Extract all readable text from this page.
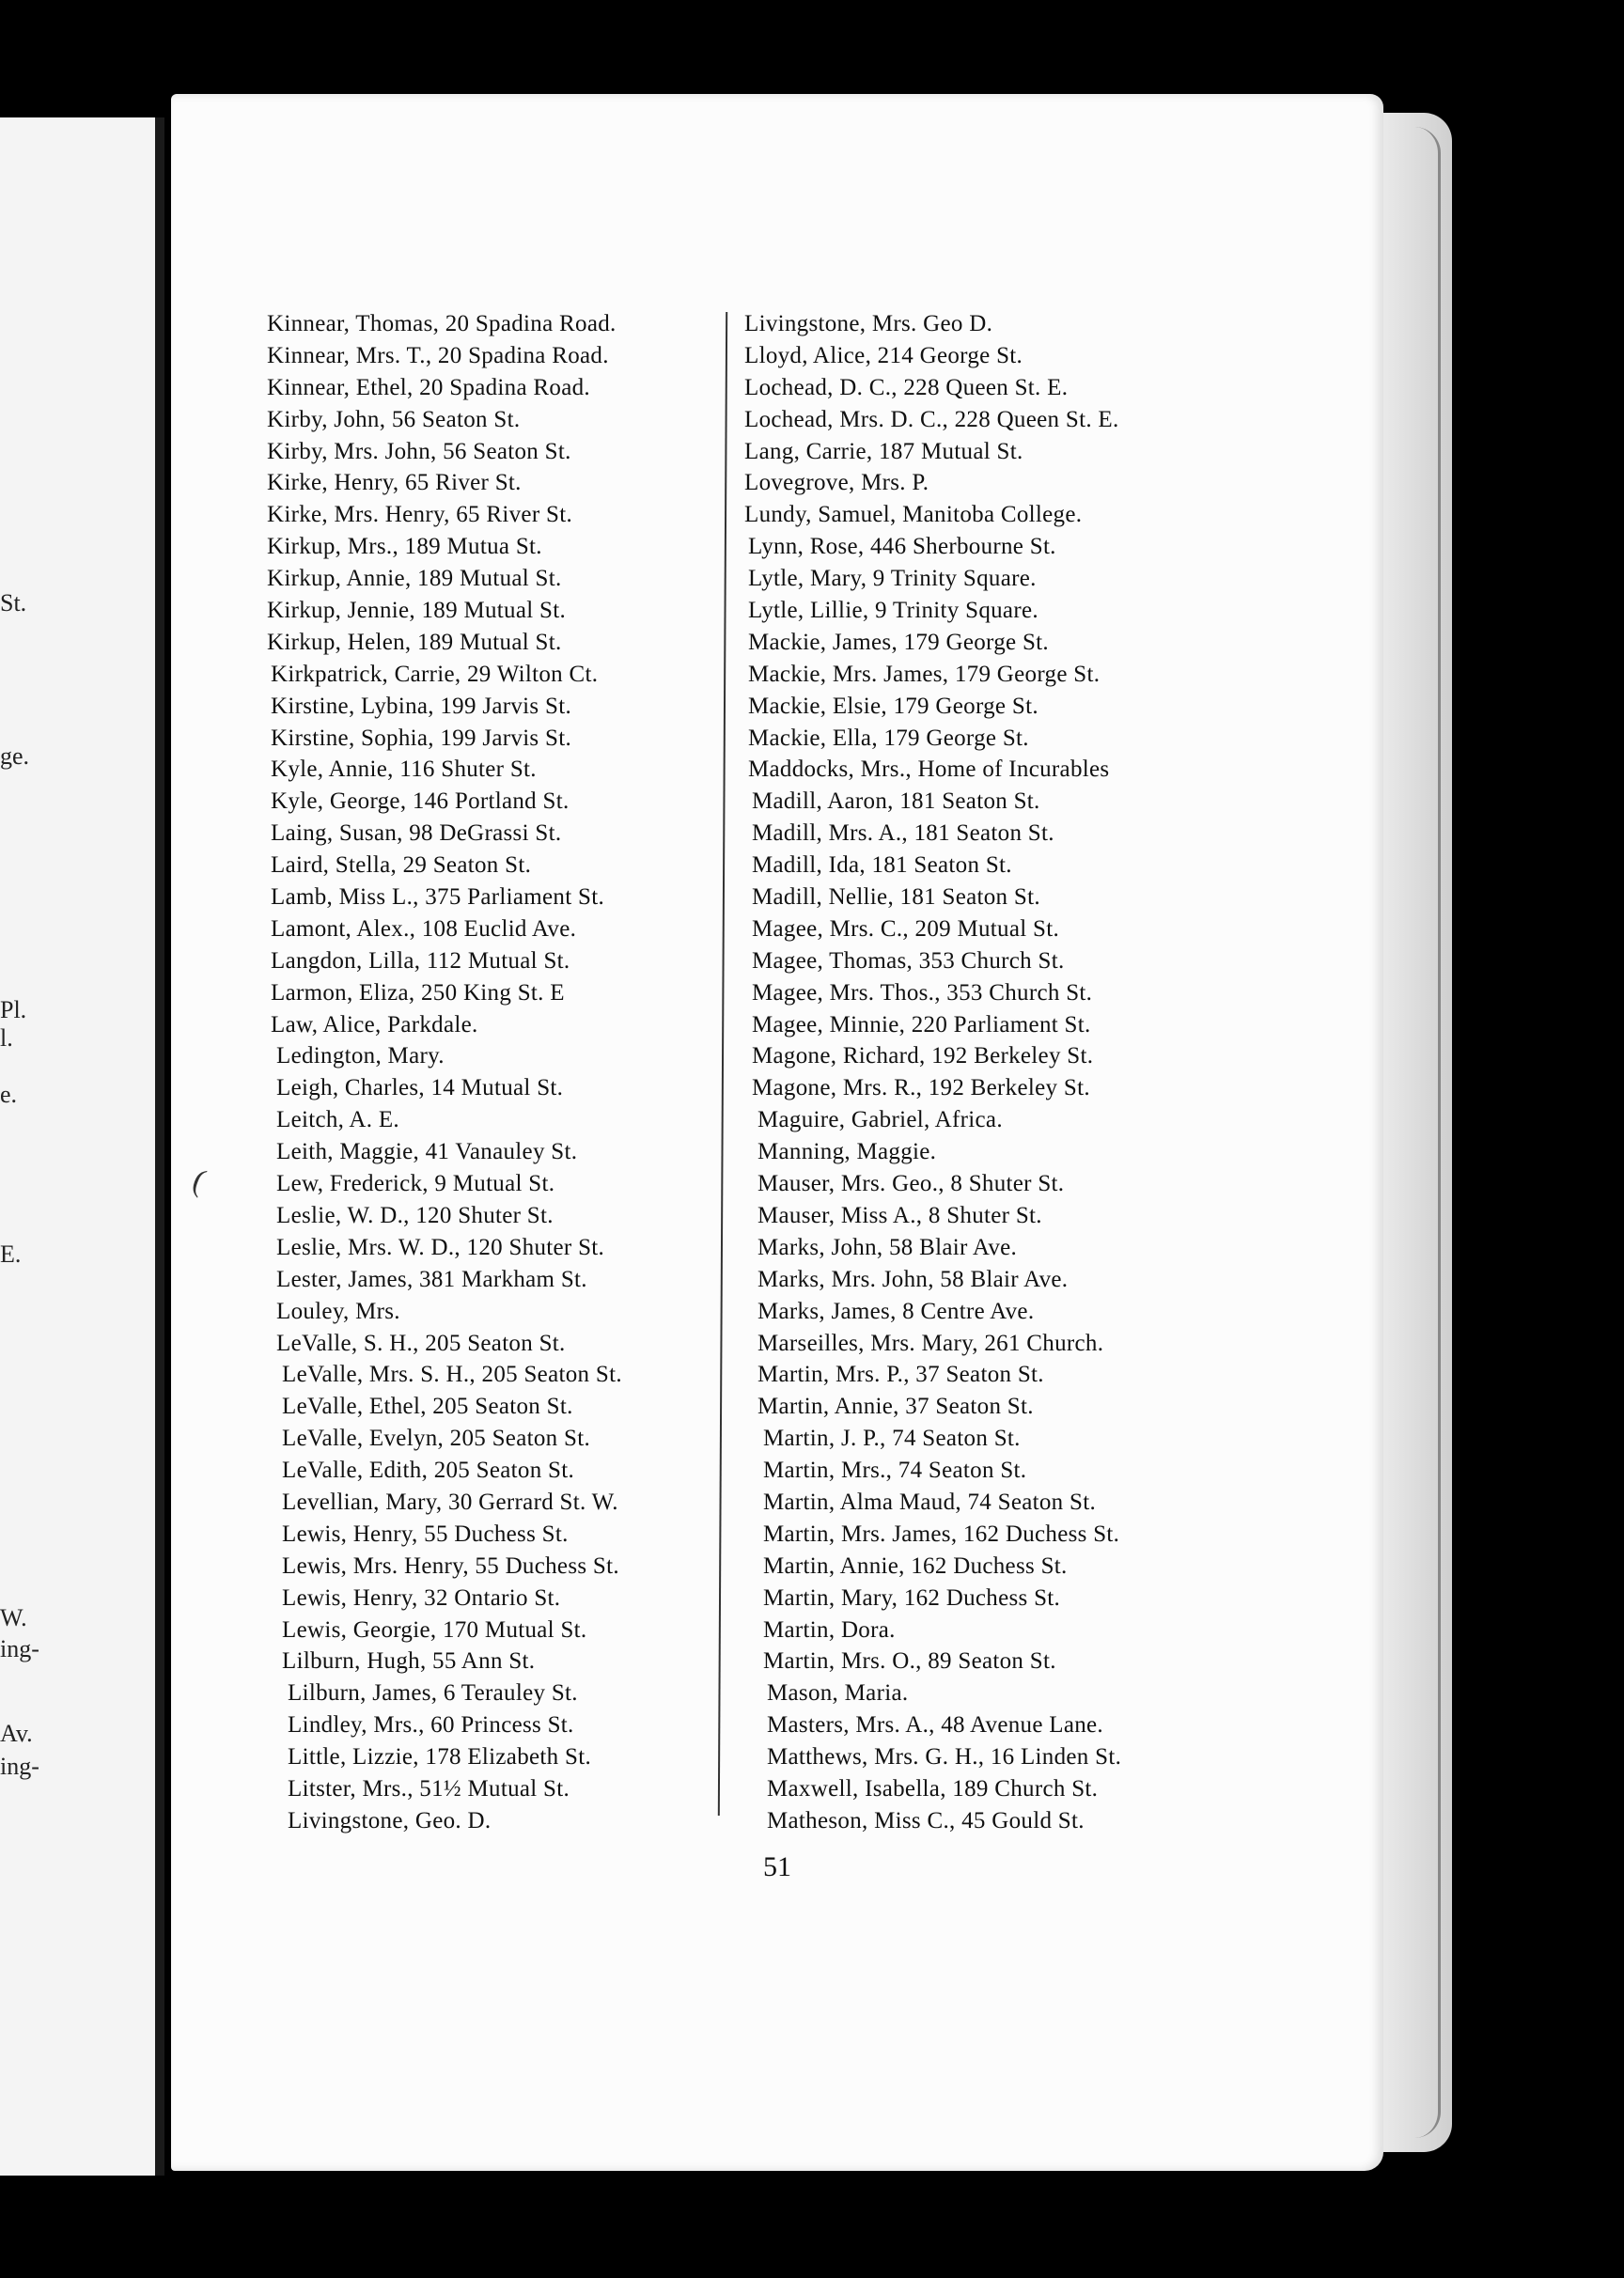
St.
ge.
Pl.
l.
e.
E.
W.
ing-
Av.
ing-
Kinnear, Thomas, 20 Spadina Road.
Kinnear, Mrs. T., 20 Spadina Road.
Kinnear, Ethel, 20 Spadina Road.
Kirby, John, 56 Seaton St.
Kirby, Mrs. John, 56 Seaton St.
Kirke, Henry, 65 River St.
Kirke, Mrs. Henry, 65 River St.
Kirkup, Mrs., 189 Mutua St.
Kirkup, Annie, 189 Mutual St.
Kirkup, Jennie, 189 Mutual St.
Kirkup, Helen, 189 Mutual St.
Kirkpatrick, Carrie, 29 Wilton Ct.
Kirstine, Lybina, 199 Jarvis St.
Kirstine, Sophia, 199 Jarvis St.
Kyle, Annie, 116 Shuter St.
Kyle, George, 146 Portland St.
Laing, Susan, 98 DeGrassi St.
Laird, Stella, 29 Seaton St.
Lamb, Miss L., 375 Parliament St.
Lamont, Alex., 108 Euclid Ave.
Langdon, Lilla, 112 Mutual St.
Larmon, Eliza, 250 King St. E
Law, Alice, Parkdale.
Ledington, Mary.
Leigh, Charles, 14 Mutual St.
Leitch, A. E.
Leith, Maggie, 41 Vanauley St.
Lew, Frederick, 9 Mutual St.
Leslie, W. D., 120 Shuter St.
Leslie, Mrs. W. D., 120 Shuter St.
Lester, James, 381 Markham St.
Louley, Mrs.
LeValle, S. H., 205 Seaton St.
LeValle, Mrs. S. H., 205 Seaton St.
LeValle, Ethel, 205 Seaton St.
LeValle, Evelyn, 205 Seaton St.
LeValle, Edith, 205 Seaton St.
Levellian, Mary, 30 Gerrard St. W.
Lewis, Henry, 55 Duchess St.
Lewis, Mrs. Henry, 55 Duchess St.
Lewis, Henry, 32 Ontario St.
Lewis, Georgie, 170 Mutual St.
Lilburn, Hugh, 55 Ann St.
Lilburn, James, 6 Terauley St.
Lindley, Mrs., 60 Princess St.
Little, Lizzie, 178 Elizabeth St.
Litster, Mrs., 51½ Mutual St.
Livingstone, Geo. D.
Livingstone, Mrs. Geo D.
Lloyd, Alice, 214 George St.
Lochead, D. C., 228 Queen St. E.
Lochead, Mrs. D. C., 228 Queen St. E.
Lang, Carrie, 187 Mutual St.
Lovegrove, Mrs. P.
Lundy, Samuel, Manitoba College.
Lynn, Rose, 446 Sherbourne St.
Lytle, Mary, 9 Trinity Square.
Lytle, Lillie, 9 Trinity Square.
Mackie, James, 179 George St.
Mackie, Mrs. James, 179 George St.
Mackie, Elsie, 179 George St.
Mackie, Ella, 179 George St.
Maddocks, Mrs., Home of Incurables
Madill, Aaron, 181 Seaton St.
Madill, Mrs. A., 181 Seaton St.
Madill, Ida, 181 Seaton St.
Madill, Nellie, 181 Seaton St.
Magee, Mrs. C., 209 Mutual St.
Magee, Thomas, 353 Church St.
Magee, Mrs. Thos., 353 Church St.
Magee, Minnie, 220 Parliament St.
Magone, Richard, 192 Berkeley St.
Magone, Mrs. R., 192 Berkeley St.
Maguire, Gabriel, Africa.
Manning, Maggie.
Mauser, Mrs. Geo., 8 Shuter St.
Mauser, Miss A., 8 Shuter St.
Marks, John, 58 Blair Ave.
Marks, Mrs. John, 58 Blair Ave.
Marks, James, 8 Centre Ave.
Marseilles, Mrs. Mary, 261 Church.
Martin, Mrs. P., 37 Seaton St.
Martin, Annie, 37 Seaton St.
Martin, J. P., 74 Seaton St.
Martin, Mrs., 74 Seaton St.
Martin, Alma Maud, 74 Seaton St.
Martin, Mrs. James, 162 Duchess St.
Martin, Annie, 162 Duchess St.
Martin, Mary, 162 Duchess St.
Martin, Dora.
Martin, Mrs. O., 89 Seaton St.
Mason, Maria.
Masters, Mrs. A., 48 Avenue Lane.
Matthews, Mrs. G. H., 16 Linden St.
Maxwell, Isabella, 189 Church St.
Matheson, Miss C., 45 Gould St.
51
(
